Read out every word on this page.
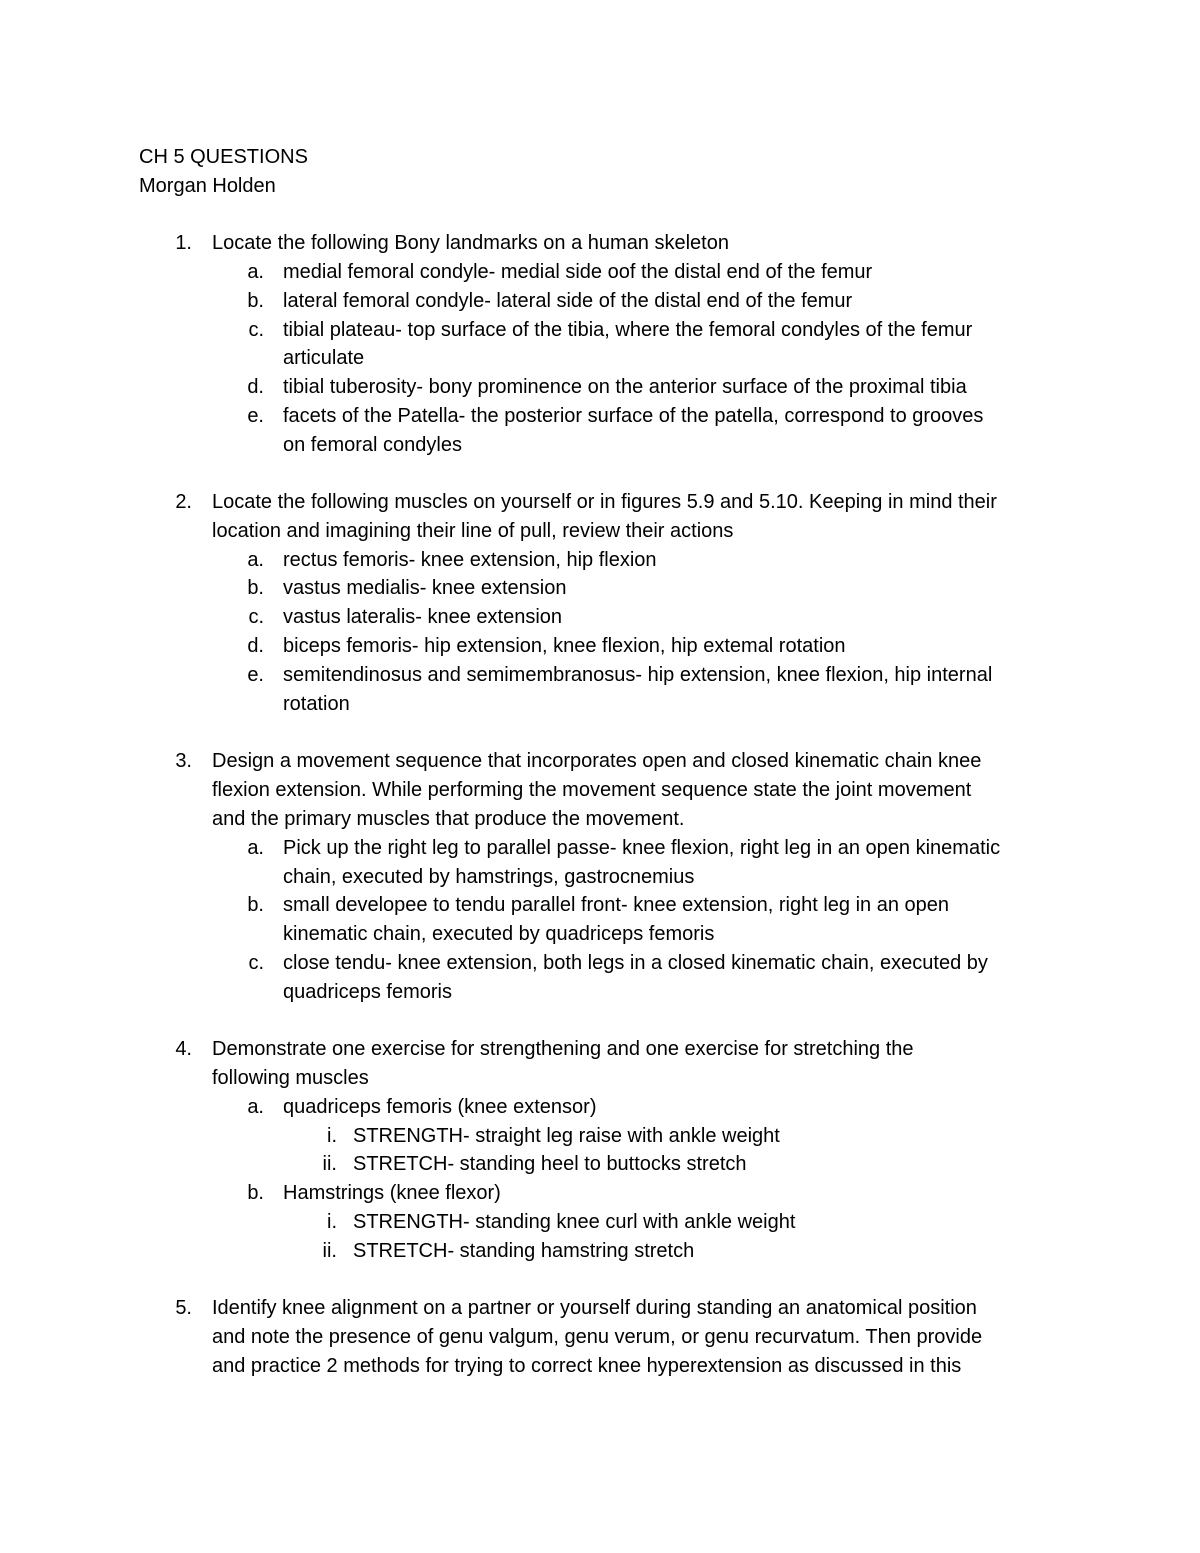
CH 5 QUESTIONS
Morgan Holden
1. Locate the following Bony landmarks on a human skeleton
a. medial femoral condyle- medial side oof the distal end of the femur
b. lateral femoral condyle- lateral side of the distal end of the femur
c. tibial plateau- top surface of the tibia, where the femoral condyles of the femur
articulate
d. tibial tuberosity- bony prominence on the anterior surface of the proximal tibia
e. facets of the Patella- the posterior surface of the patella, correspond to grooves
on femoral condyles
2. Locate the following muscles on yourself or in figures 5.9 and 5.10. Keeping in mind their
location and imagining their line of pull, review their actions
a. rectus femoris- knee extension, hip flexion
b. vastus medialis- knee extension
c. vastus lateralis- knee extension
d. biceps femoris- hip extension, knee flexion, hip extemal rotation
e. semitendinosus and semimembranosus- hip extension, knee flexion, hip internal
rotation
3. Design a movement sequence that incorporates open and closed kinematic chain knee
flexion extension. While performing the movement sequence state the joint movement
and the primary muscles that produce the movement.
a. Pick up the right leg to parallel passe- knee flexion, right leg in an open kinematic
chain, executed by hamstrings, gastrocnemius
b. small developee to tendu parallel front- knee extension, right leg in an open
kinematic chain, executed by quadriceps femoris
c. close tendu- knee extension, both legs in a closed kinematic chain, executed by
quadriceps femoris
4. Demonstrate one exercise for strengthening and one exercise for stretching the
following muscles
a. quadriceps femoris (knee extensor)
i. STRENGTH- straight leg raise with ankle weight
ii. STRETCH- standing heel to buttocks stretch
b. Hamstrings (knee flexor)
i. STRENGTH- standing knee curl with ankle weight
ii. STRETCH- standing hamstring stretch
5. Identify knee alignment on a partner or yourself during standing an anatomical position
and note the presence of genu valgum, genu verum, or genu recurvatum. Then provide
and practice 2 methods for trying to correct knee hyperextension as discussed in this
